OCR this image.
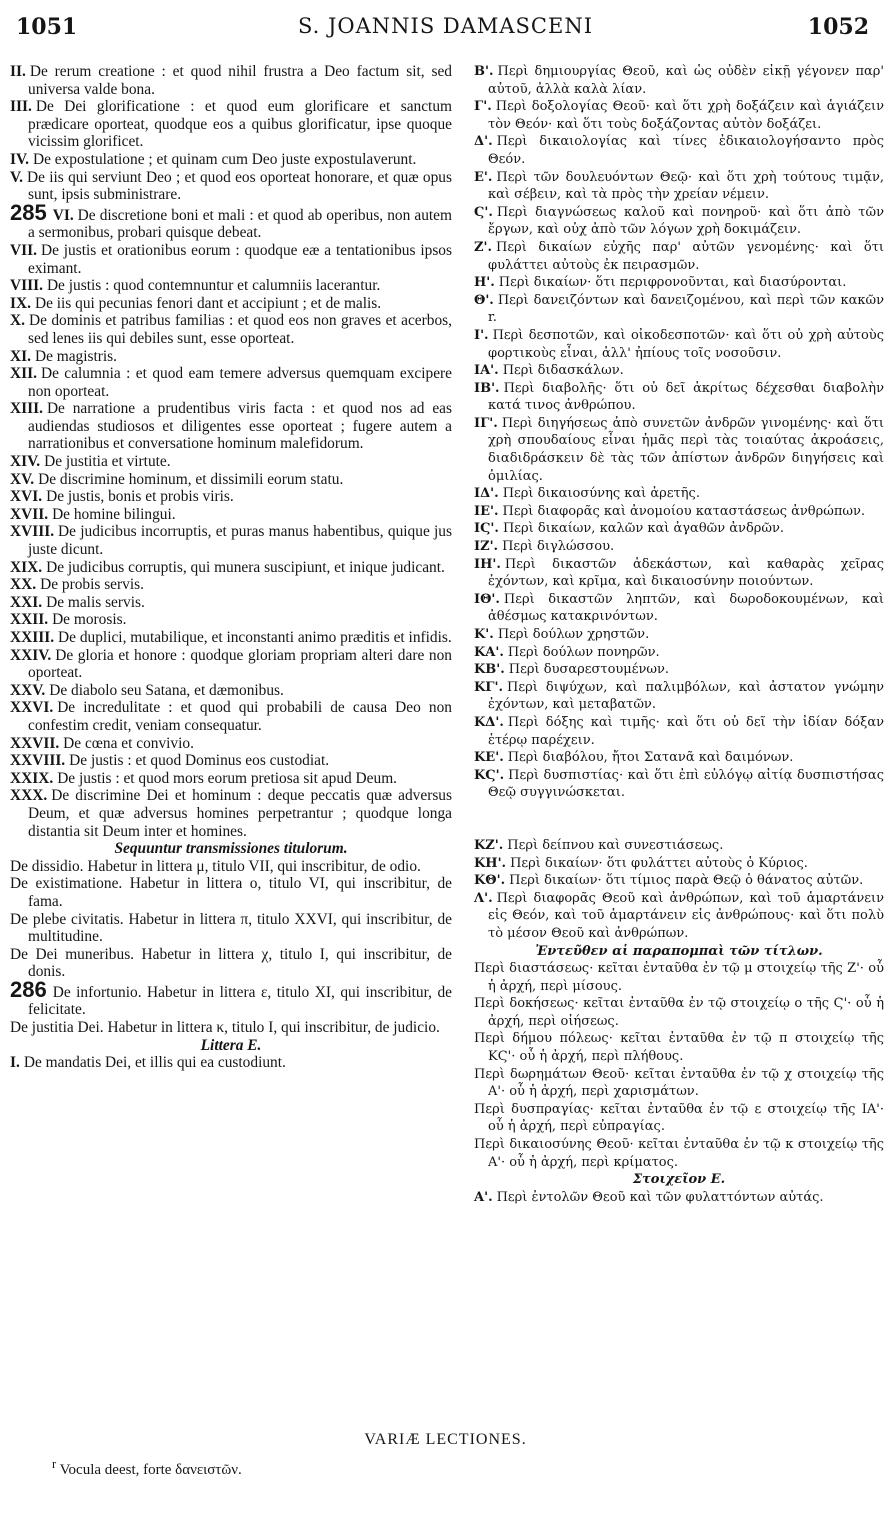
1051	S. JOANNIS DAMASCENI	1052

II. De rerum creatione : et quod nihil frustra a Deo factum sit, sed universa valde bona.

III. De Dei glorificatione : et quod eum glorificare et sanctum prædicare oporteat, quodque eos a quibus glorificatur, ipse quoque vicissim glorificet.

IV. De expostulatione ; et quinam cum Deo juste expostulaverunt.

V. De iis qui serviunt Deo ; et quod eos oporteat honorare, et quæ opus sunt, ipsis subministrare.

285 VI. De discretione boni et mali : et quod ab operibus, non autem a sermonibus, probari quisque debeat.

VII. De justis et orationibus eorum : quodque eæ a tentationibus ipsos eximant.

VIII. De justis : quod contemnuntur et calumniis lacerantur.

IX. De iis qui pecunias fenori dant et accipiunt ; et de malis.

X. De dominis et patribus familias : et quod eos non graves et acerbos, sed lenes iis qui debiles sunt, esse oporteat.

XI. De magistris.

XII. De calumnia : et quod eam temere adversus quemquam excipere non oporteat.

XIII. De narratione a prudentibus viris facta : et quod nos ad eas audiendas studiosos et diligentes esse oporteat ; fugere autem a narrationibus et conversatione hominum malefidorum.

XIV. De justitia et virtute.

XV. De discrimine hominum, et dissimili eorum statu.

XVI. De justis, bonis et probis viris.

XVII. De homine bilingui.

XVIII. De judicibus incorruptis, et puras manus habentibus, quique jus juste dicunt.

XIX. De judicibus corruptis, qui munera suscipiunt, et inique judicant.

XX. De probis servis.

XXI. De malis servis.

XXII. De morosis.

XXIII. De duplici, mutabilique, et inconstanti animo præditis et infidis.

XXIV. De gloria et honore : quodque gloriam propriam alteri dare non oporteat.

XXV. De diabolo seu Satana, et dæmonibus.

XXVI. De incredulitate : et quod qui probabili de causa Deo non confestim credit, veniam consequatur.

XXVII. De cœna et convivio.

XXVIII. De justis : et quod Dominus eos custodiat.

XXIX. De justis : et quod mors eorum pretiosa sit apud Deum.

XXX. De discrimine Dei et hominum : deque peccatis quæ adversus Deum, et quæ adversus homines perpetrantur ; quodque longa distantia sit Deum inter et homines.

Sequuntur transmissiones titulorum.

De dissidio. Habetur in littera μ, titulo VII, qui inscribitur, de odio.

De existimatione. Habetur in littera ο, titulo VI, qui inscribitur, de fama.

De plebe civitatis. Habetur in littera π, titulo XXVI, qui inscribitur, de multitudine.

De Dei muneribus. Habetur in littera χ, titulo I, qui inscribitur, de donis.

286 De infortunio. Habetur in littera ε, titulo XI, qui inscribitur, de felicitate.

De justitia Dei. Habetur in littera κ, titulo I, qui inscribitur, de judicio.

Littera E.

I. De mandatis Dei, et illis qui ea custodiunt.

Β'. Περὶ δημιουργίας Θεοῦ, καὶ ὡς οὐδὲν εἰκῇ γέγονεν παρ' αὐτοῦ, ἀλλὰ καλὰ λίαν.

Γ'. Περὶ δοξολογίας Θεοῦ· καὶ ὅτι χρὴ δοξάζειν καὶ ἁγιάζειν τὸν Θεόν· καὶ ὅτι τοὺς δοξάζοντας αὐτὸν δοξάζει.

Δ'. Περὶ δικαιολογίας καὶ τίνες ἐδικαιολογήσαντο πρὸς Θεόν.

Ε'. Περὶ τῶν δουλευόντων Θεῷ· καὶ ὅτι χρὴ τούτους τιμᾷν, καὶ σέβειν, καὶ τὰ πρὸς τὴν χρείαν νέμειν.

Ϛ'. Περὶ διαγνώσεως καλοῦ καὶ πονηροῦ· καὶ ὅτι ἀπὸ τῶν ἔργων, καὶ οὐχ ἀπὸ τῶν λόγων χρὴ δοκιμάζειν.

Ζ'. Περὶ δικαίων εὐχῆς παρ' αὐτῶν γενομένης· καὶ ὅτι φυλάττει αὐτοὺς ἐκ πειρασμῶν.

Η'. Περὶ δικαίων· ὅτι περιφρονοῦνται, καὶ διασύρονται.

Θ'. Περὶ δανειζόντων καὶ δανειζομένου, καὶ περὶ τῶν κακῶν r.

Ι'. Περὶ δεσποτῶν, καὶ οἰκοδεσποτῶν· καὶ ὅτι οὐ χρὴ αὐτοὺς φορτικοὺς εἶναι, ἀλλ' ἠπίους τοῖς νοσοῦσιν.

ΙΑ'. Περὶ διδασκάλων.

ΙΒ'. Περὶ διαβολῆς· ὅτι οὐ δεῖ ἀκρίτως δέχεσθαι διαβολὴν κατά τινος ἀνθρώπου.

ΙΓ'. Περὶ διηγήσεως ἀπὸ συνετῶν ἀνδρῶν γινομένης· καὶ ὅτι χρὴ σπουδαίους εἶναι ἡμᾶς περὶ τὰς τοιαύτας ἀκροάσεις, διαδιδράσκειν δὲ τὰς τῶν ἀπίστων ἀνδρῶν διηγήσεις καὶ ὁμιλίας.

ΙΔ'. Περὶ δικαιοσύνης καὶ ἀρετῆς.

ΙΕ'. Περὶ διαφορᾶς καὶ ἀνομοίου καταστάσεως ἀνθρώπων.

ΙϚ'. Περὶ δικαίων, καλῶν καὶ ἀγαθῶν ἀνδρῶν.

ΙΖ'. Περὶ διγλώσσου.

ΙΗ'. Περὶ δικαστῶν ἀδεκάστων, καὶ καθαρὰς χεῖρας ἐχόντων, καὶ κρῖμα, καὶ δικαιοσύνην ποιούντων.

ΙΘ'. Περὶ δικαστῶν ληπτῶν, καὶ δωροδοκουμένων, καὶ ἀθέσμως κατακρινόντων.

Κ'. Περὶ δούλων χρηστῶν.

ΚΑ'. Περὶ δούλων πονηρῶν.

ΚΒ'. Περὶ δυσαρεστουμένων.

ΚΓ'. Περὶ διψύχων, καὶ παλιμβόλων, καὶ ἀστατον γνώμην ἐχόντων, καὶ μεταβατῶν.

ΚΔ'. Περὶ δόξης καὶ τιμῆς· καὶ ὅτι οὐ δεῖ τὴν ἰδίαν δόξαν ἑτέρῳ παρέχειν.

ΚΕ'. Περὶ διαβόλου, ἤτοι Σατανᾶ καὶ δαιμόνων.

ΚϚ'. Περὶ δυσπιστίας· καὶ ὅτι ἐπὶ εὐλόγῳ αἰτίᾳ δυσπιστήσας Θεῷ συγγινώσκεται.

ΚΖ'. Περὶ δείπνου καὶ συνεστιάσεως.

ΚΗ'. Περὶ δικαίων· ὅτι φυλάττει αὐτοὺς ὁ Κύριος.

ΚΘ'. Περὶ δικαίων· ὅτι τίμιος παρὰ Θεῷ ὁ θάνατος αὐτῶν.

Λ'. Περὶ διαφορᾶς Θεοῦ καὶ ἀνθρώπων, καὶ τοῦ ἁμαρτάνειν εἰς Θεόν, καὶ τοῦ ἁμαρτάνειν εἰς ἀνθρώπους· καὶ ὅτι πολὺ τὸ μέσον Θεοῦ καὶ ἀνθρώπων.

Ἐντεῦθεν αἱ παραπομπαὶ τῶν τίτλων.

Περὶ διαστάσεως· κεῖται ἐνταῦθα ἐν τῷ μ στοιχείῳ τῆς Ζ'· οὗ ἡ ἀρχή, περὶ μίσους.

Περὶ δοκήσεως· κεῖται ἐνταῦθα ἐν τῷ στοιχείῳ ο τῆς Ϛ'· οὗ ἡ ἀρχή, περὶ οἰήσεως.

Περὶ δήμου πόλεως· κεῖται ἐνταῦθα ἐν τῷ π στοιχείῳ τῆς ΚϚ'· οὗ ἡ ἀρχή, περὶ πλήθους.

Περὶ δωρημάτων Θεοῦ· κεῖται ἐνταῦθα ἐν τῷ χ στοιχείῳ τῆς Α'· οὗ ἡ ἀρχή, περὶ χαρισμάτων.

Περὶ δυσπραγίας· κεῖται ἐνταῦθα ἐν τῷ ε στοιχείῳ τῆς ΙΑ'· οὗ ἡ ἀρχή, περὶ εὐπραγίας.

Περὶ δικαιοσύνης Θεοῦ· κεῖται ἐνταῦθα ἐν τῷ κ στοιχείῳ τῆς Α'· οὗ ἡ ἀρχή, περὶ κρίματος.

Στοιχεῖον Ε.

Α'. Περὶ ἐντολῶν Θεοῦ καὶ τῶν φυλαττόντων αὐτάς.

VARIÆ LECTIONES.
$^r$ Vocula deest, forte δανειστῶν.
